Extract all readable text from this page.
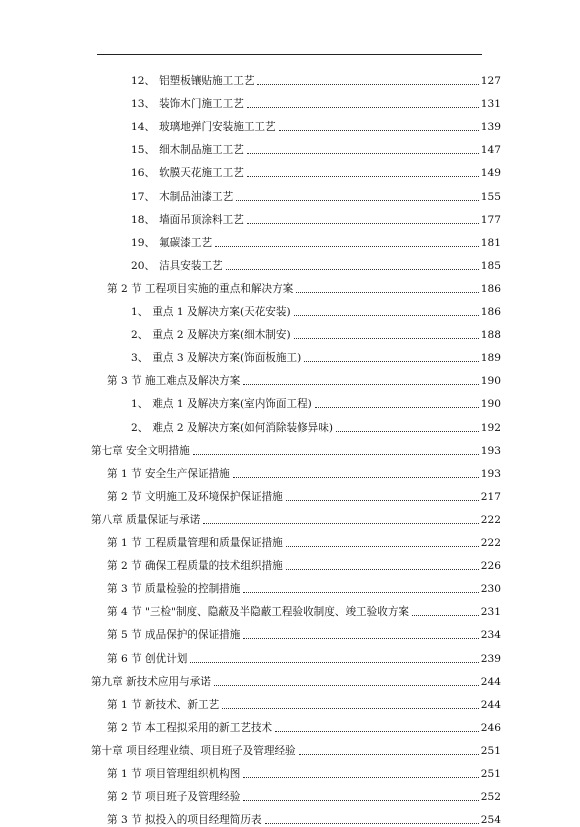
12、 铝塑板镶贴施工工艺	127
13、 装饰木门施工工艺	131
14、 玻璃地弹门安装施工工艺	139
15、 细木制品施工工艺	147
16、 软膜天花施工工艺	149
17、 木制品油漆工艺	155
18、 墙面吊顶涂料工艺	177
19、 氟碳漆工艺	181
20、 洁具安装工艺	185
第 2 节 工程项目实施的重点和解决方案	186
1、 重点 1 及解决方案(天花安装)	186
2、 重点 2 及解决方案(细木制安)	188
3、 重点 3 及解决方案(饰面板施工)	189
第 3 节 施工难点及解决方案	190
1、 难点 1 及解决方案(室内饰面工程)	190
2、 难点 2 及解决方案(如何消除装修异味)	192
第七章 安全文明措施	193
第 1 节 安全生产保证措施	193
第 2 节 文明施工及环境保护保证措施	217
第八章 质量保证与承诺	222
第 1 节 工程质量管理和质量保证措施	222
第 2 节 确保工程质量的技术组织措施	226
第 3 节 质量检验的控制措施	230
第 4 节 "三检"制度、隐蔽及半隐蔽工程验收制度、竣工验收方案	231
第 5 节 成品保护的保证措施	234
第 6 节 创优计划	239
第九章 新技术应用与承诺	244
第 1 节 新技术、新工艺	244
第 2 节 本工程拟采用的新工艺技术	246
第十章 项目经理业绩、项目班子及管理经验	251
第 1 节 项目管理组织机构图	251
第 2 节 项目班子及管理经验	252
第 3 节 拟投入的项目经理简历表	254
